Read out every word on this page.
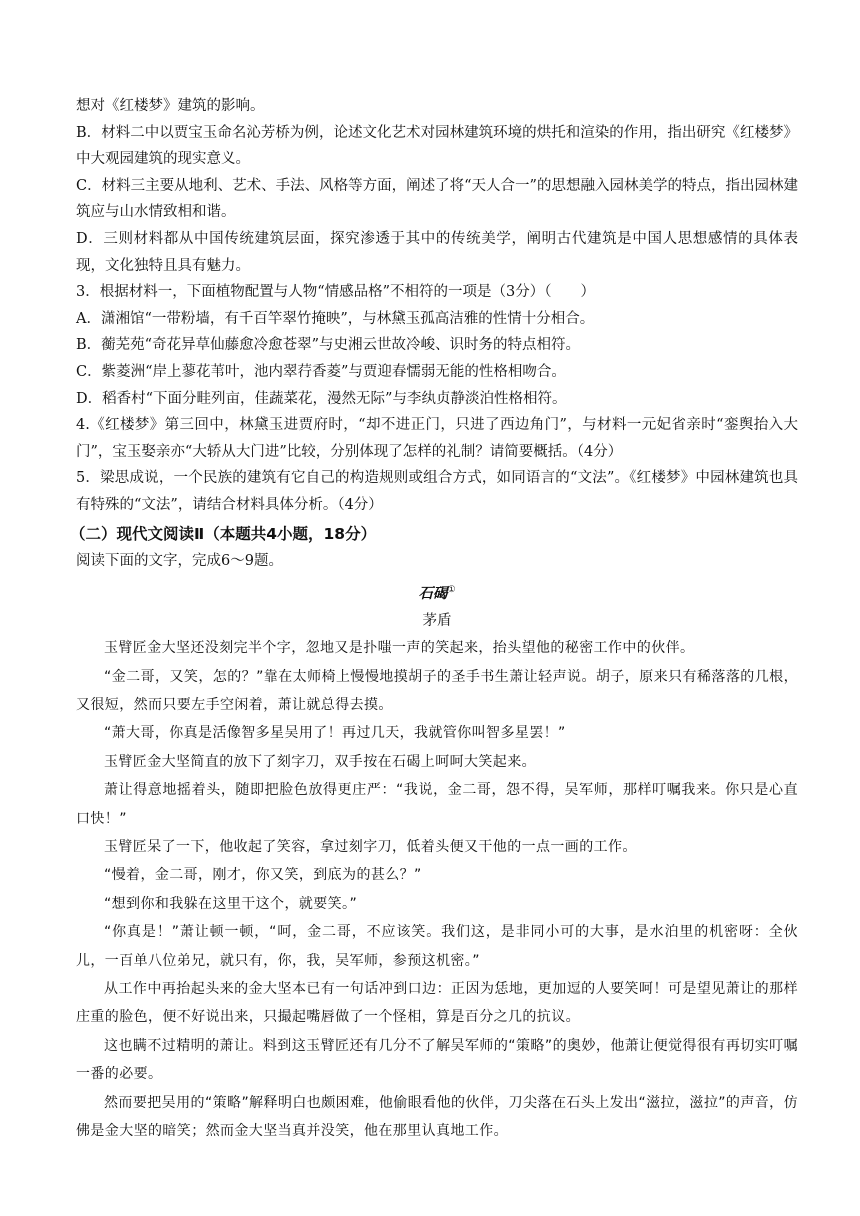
想对《红楼梦》建筑的影响。

B．材料二中以贾宝玉命名沁芳桥为例，论述文化艺术对园林建筑环境的烘托和渲染的作用，指出研究《红楼梦》中大观园建筑的现实意义。

C．材料三主要从地利、艺术、手法、风格等方面，阐述了将“天人合一”的思想融入园林美学的特点，指出园林建筑应与山水情致相和谐。

D．三则材料都从中国传统建筑层面，探究渗透于其中的传统美学，阐明古代建筑是中国人思想感情的具体表现，文化独特且具有魅力。

3．根据材料一，下面植物配置与人物“情感品格”不相符的一项是（3分）（　　）

A．潇湘馆“一带粉墙，有千百竿翠竹掩映”，与林黛玉孤高洁雅的性情十分相合。

B．蘅芜苑“奇花异草仙藤愈冷愈苍翠”与史湘云世故冷峻、识时务的特点相符。

C．紫菱洲“岸上蓼花苇叶，池内翠荇香菱”与贾迎春懦弱无能的性格相吻合。

D．稻香村“下面分畦列亩，佳蔬菜花，漫然无际”与李纨贞静淡泊性格相符。

4.《红楼梦》第三回中，林黛玉进贾府时，“却不进正门，只进了西边角门”，与材料一元妃省亲时“銮舆抬入大门”，宝玉娶亲亦“大轿从大门进”比较，分别体现了怎样的礼制？请简要概括。（4分）

5．梁思成说，一个民族的建筑有它自己的构造规则或组合方式，如同语言的“文法”。《红楼梦》中园林建筑也具有特殊的“文法”，请结合材料具体分析。（4分）

（二）现代文阅读Ⅱ（本题共4小题，18分）

阅读下面的文字，完成6～9题。

石碣①
茅盾

玉臂匠金大坚还没刻完半个字，忽地又是扑嗤一声的笑起来，抬头望他的秘密工作中的伙伴。

“金二哥，又笑，怎的？”靠在太师椅上慢慢地摸胡子的圣手书生萧让轻声说。胡子，原来只有稀落落的几根，又很短，然而只要左手空闲着，萧让就总得去摸。

“萧大哥，你真是活像智多星吴用了！再过几天，我就管你叫智多星罢！”

玉臂匠金大坚简直的放下了刻字刀，双手按在石碣上呵呵大笑起来。

萧让得意地摇着头，随即把脸色放得更庄严：“我说，金二哥，怨不得，吴军师，那样叮嘱我来。你只是心直口快！”

玉臂匠呆了一下，他收起了笑容，拿过刻字刀，低着头便又干他的一点一画的工作。

“慢着，金二哥，刚才，你又笑，到底为的甚么？”

“想到你和我躲在这里干这个，就要笑。”

“你真是！”萧让顿一顿，“呵，金二哥，不应该笑。我们这，是非同小可的大事，是水泊里的机密呀：全伙儿，一百单八位弟兄，就只有，你，我，吴军师，参预这机密。”

从工作中再抬起头来的金大坚本已有一句话冲到口边：正因为恁地，更加逗的人要笑呵！可是望见萧让的那样庄重的脸色，便不好说出来，只撮起嘴唇做了一个怪相，算是百分之几的抗议。

这也瞒不过精明的萧让。料到这玉臂匠还有几分不了解吴军师的“策略”的奥妙，他萧让便觉得很有再切实叮嘱一番的必要。

然而要把吴用的“策略”解释明白也颇困难，他偷眼看他的伙伴，刀尖落在石头上发出“滋拉，滋拉”的声音，仿佛是金大坚的暗笑；然而金大坚当真并没笑，他在那里认真地工作。
